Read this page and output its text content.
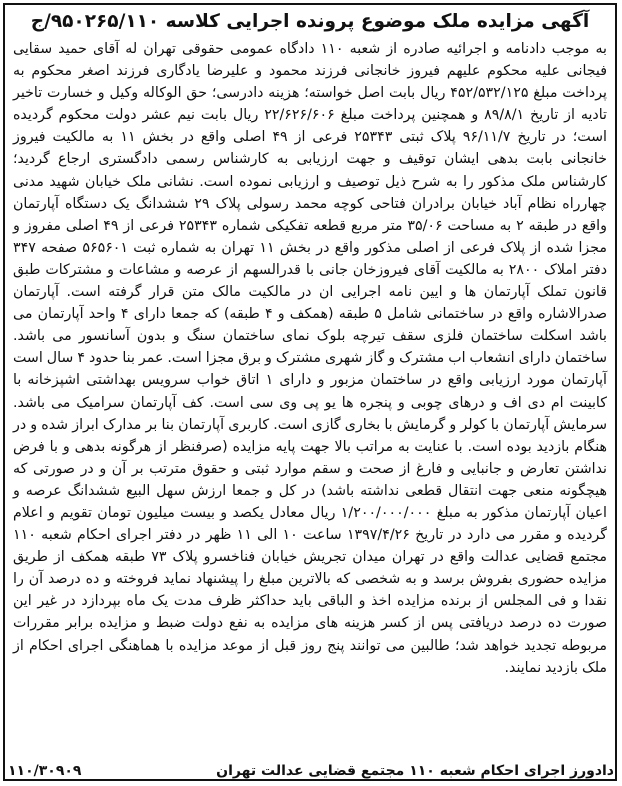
آگهی مزایده ملک موضوع پرونده اجرایی کلاسه ۹۵۰۲۶۵/۱۱۰/ج

به موجب دادنامه و اجرائیه صادره از شعبه ۱۱۰ دادگاه عمومی حقوقی تهران له آقای حمید سقایی فیجانی علیه محکوم علیهم فیروز خانجانی فرزند محمود و علیرضا یادگاری فرزند اصغر محکوم به پرداخت مبلغ ۴۵۲/۵۳۲/۱۲۵ ریال بابت اصل خواسته؛ هزینه دادرسی؛ حق الوکاله وکیل و خسارت تاخیر تادیه از تاریخ ۸۹/۸/۱ و همچنین پرداخت مبلغ ۲۲/۶۲۶/۶۰۶ ریال بابت نیم عشر دولت محکوم گردیده است؛ در تاریخ ۹۶/۱۱/۷ پلاک ثبتی ۲۵۳۴۳ فرعی از ۴۹ اصلی واقع در بخش ۱۱ به مالکیت فیروز خانجانی بابت بدهی ایشان توقیف و جهت ارزیابی به کارشناس رسمی دادگستری ارجاع گردید؛ کارشناس ملک مذکور را به شرح ذیل توصیف و ارزیابی نموده است. نشانی ملک خیابان شهید مدنی چهارراه نظام آباد خیابان برادران فتاحی کوچه محمد رسولی پلاک ۲۹ ششدانگ یک دستگاه آپارتمان واقع در طبقه ۲ به مساحت ۳۵/۰۶ متر مربع قطعه تفکیکی شماره ۲۵۳۴۳ فرعی از ۴۹ اصلی مفروز و مجزا شده از پلاک فرعی از اصلی مذکور واقع در بخش ۱۱ تهران به شماره ثبت ۵۶۵۶۰۱ صفحه ۳۴۷ دفتر املاک ۲۸۰۰ به مالکیت آقای فیروزخان جانی با قدرالسهم از عرصه و مشاعات و مشترکات طبق قانون تملک آپارتمان ها و ایین نامه اجرایی ان در مالکیت مالک متن قرار گرفته است. آپارتمان صدرالاشاره واقع در ساختمانی شامل ۵ طبقه (همکف و ۴ طبقه) که جمعا دارای ۴ واحد آپارتمان می باشد اسکلت ساختمان فلزی سقف تیرچه بلوک نمای ساختمان سنگ و بدون آسانسور می باشد. ساختمان دارای انشعاب اب مشترک و گاز شهری مشترک و برق مجزا است. عمر بنا حدود ۴ سال است آپارتمان مورد ارزیابی واقع در ساختمان مزبور و دارای ۱ اتاق خواب سرویس بهداشتی اشپزخانه با کابینت ام دی اف و درهای چوبی و پنجره ها یو پی وی سی است. کف آپارتمان سرامیک می باشد. سرمایش آپارتمان با کولر و گرمایش با بخاری گازی است. کاربری آپارتمان بنا بر مدارک ابراز شده و در هنگام بازدید بوده است. با عنایت به مراتب بالا جهت پایه مزایده (صرفنظر از هرگونه بدهی و با فرض نداشتن تعارض و جانبایی و فارغ از صحت و سقم موارد ثبتی و حقوق مترتب بر آن و در صورتی که هیچگونه منعی جهت انتقال قطعی نداشته باشد) در کل و جمعا ارزش سهل البیع ششدانگ عرصه و اعیان آپارتمان مذکور به مبلغ ۱/۲۰۰/۰۰۰/۰۰۰ ریال معادل یکصد و بیست میلیون تومان تقویم و اعلام گردیده و مقرر می دارد در تاریخ ۱۳۹۷/۴/۲۶ ساعت ۱۰ الی ۱۱ ظهر در دفتر اجرای احکام شعبه ۱۱۰ مجتمع قضایی عدالت واقع در تهران میدان تجریش خیابان فناخسرو پلاک ۷۳ طبقه همکف از طریق مزایده حضوری بفروش برسد و به شخصی که بالاترین مبلغ را پیشنهاد نماید فروخته و ده درصد آن را نقدا و فی المجلس از برنده مزایده اخذ و الباقی باید حداکثر ظرف مدت یک ماه بپردازد در غیر این صورت ده درصد دریافتی پس از کسر هزینه های مزایده به نفع دولت ضبط و مزایده برابر مقررات مربوطه تجدید خواهد شد؛ طالبین می توانند پنج روز قبل از موعد مزایده با هماهنگی اجرای احکام از ملک بازدید نمایند.

دادورز اجرای احکام شعبه ۱۱۰ مجتمع قضایی عدالت تهران
۱۱۰/۳۰۹۰۹
